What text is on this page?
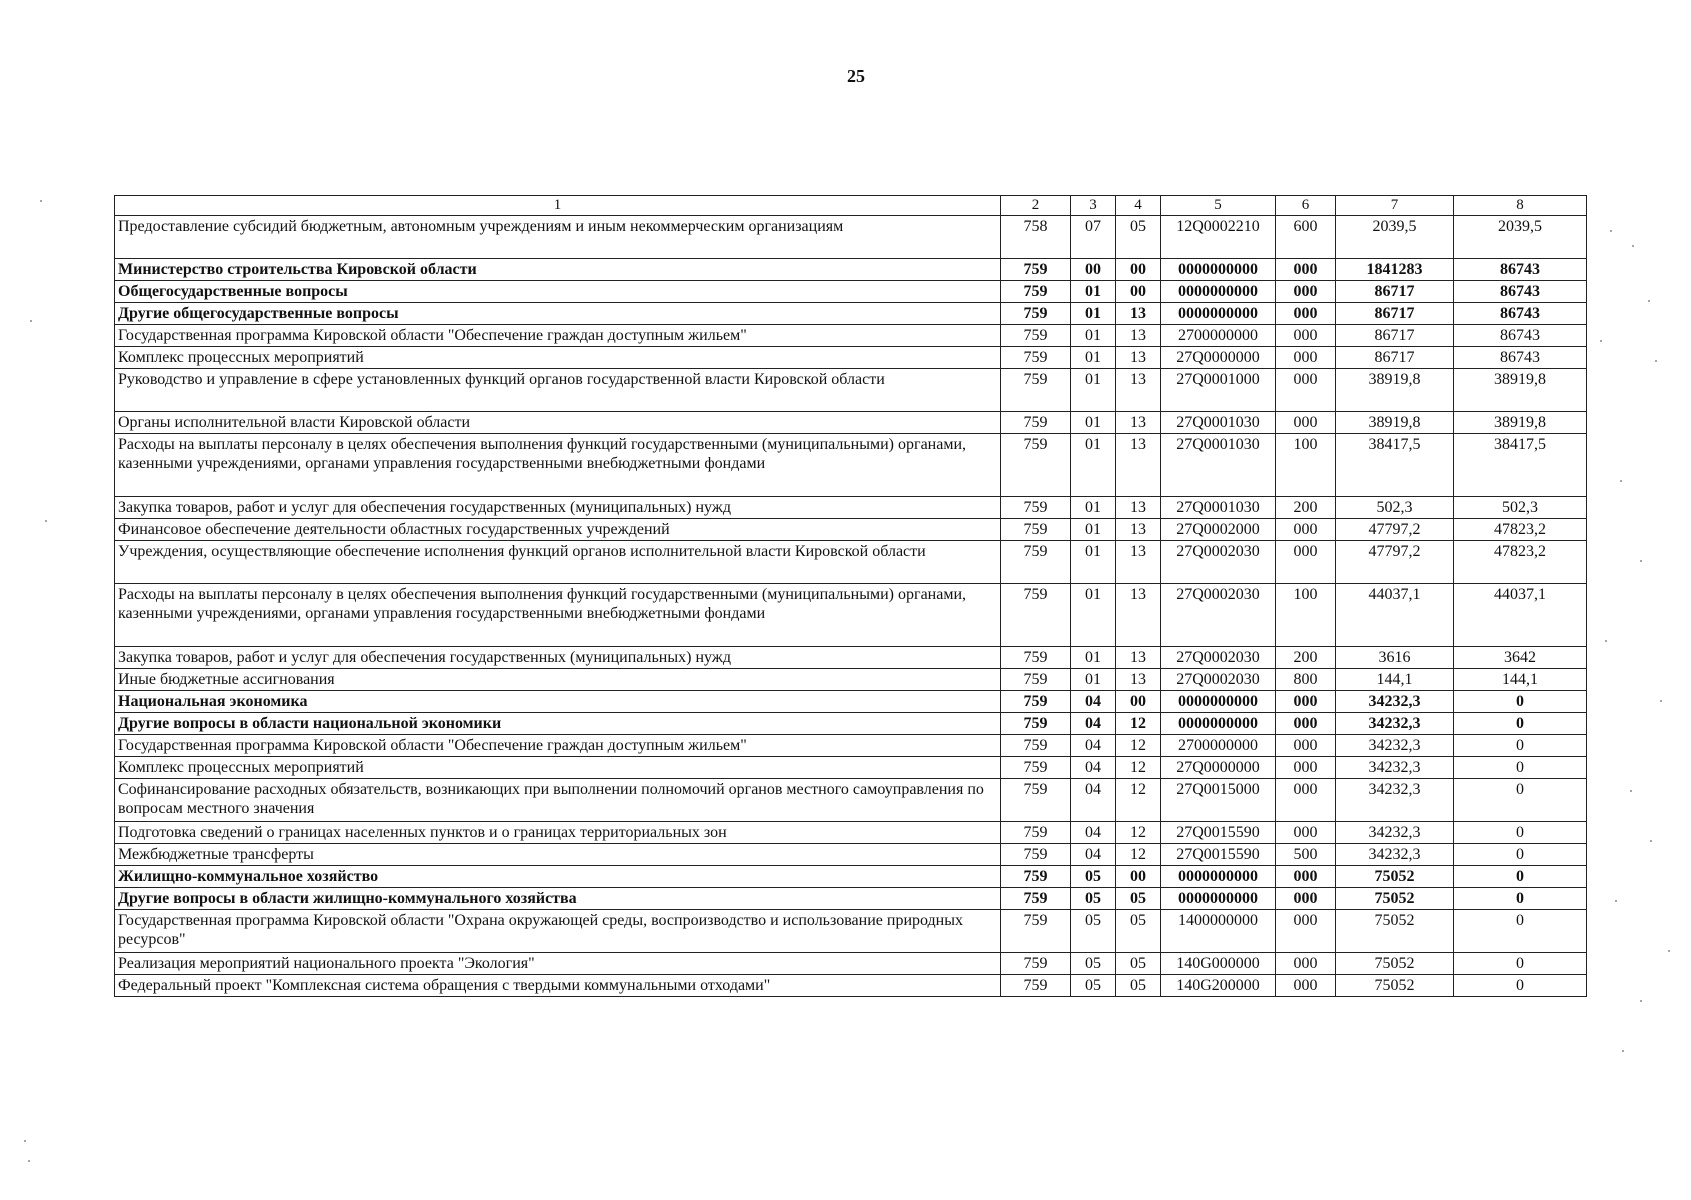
25
1	2	3	4	5	6	7	8
Предоставление субсидий бюджетным, автономным учреждениям и иным некоммерческим организациям	758	07	05	12Q0002210	600	2039,5	2039,5
Министерство строительства Кировской области	759	00	00	0000000000	000	1841283	86743
Общегосударственные вопросы	759	01	00	0000000000	000	86717	86743
Другие общегосударственные вопросы	759	01	13	0000000000	000	86717	86743
Государственная программа Кировской области "Обеспечение граждан доступным жильем"	759	01	13	2700000000	000	86717	86743
Комплекс процессных мероприятий	759	01	13	27Q0000000	000	86717	86743
Руководство и управление в сфере установленных функций органов государственной власти Кировской области	759	01	13	27Q0001000	000	38919,8	38919,8
Органы исполнительной власти Кировской области	759	01	13	27Q0001030	000	38919,8	38919,8
Расходы на выплаты персоналу в целях обеспечения выполнения функций государственными (муниципальными) органами, казенными учреждениями, органами управления государственными внебюджетными фондами	759	01	13	27Q0001030	100	38417,5	38417,5
Закупка товаров, работ и услуг для обеспечения государственных (муниципальных) нужд	759	01	13	27Q0001030	200	502,3	502,3
Финансовое обеспечение деятельности областных государственных учреждений	759	01	13	27Q0002000	000	47797,2	47823,2
Учреждения, осуществляющие обеспечение исполнения функций органов исполнительной власти Кировской области	759	01	13	27Q0002030	000	47797,2	47823,2
Расходы на выплаты персоналу в целях обеспечения выполнения функций государственными (муниципальными) органами, казенными учреждениями, органами управления государственными внебюджетными фондами	759	01	13	27Q0002030	100	44037,1	44037,1
Закупка товаров, работ и услуг для обеспечения государственных (муниципальных) нужд	759	01	13	27Q0002030	200	3616	3642
Иные бюджетные ассигнования	759	01	13	27Q0002030	800	144,1	144,1
Национальная экономика	759	04	00	0000000000	000	34232,3	0
Другие вопросы в области национальной экономики	759	04	12	0000000000	000	34232,3	0
Государственная программа Кировской области "Обеспечение граждан доступным жильем"	759	04	12	2700000000	000	34232,3	0
Комплекс процессных мероприятий	759	04	12	27Q0000000	000	34232,3	0
Софинансирование расходных обязательств, возникающих при выполнении полномочий органов местного самоуправления по вопросам местного значения	759	04	12	27Q0015000	000	34232,3	0
Подготовка сведений о границах населенных пунктов и о границах территориальных зон	759	04	12	27Q0015590	000	34232,3	0
Межбюджетные трансферты	759	04	12	27Q0015590	500	34232,3	0
Жилищно-коммунальное хозяйство	759	05	00	0000000000	000	75052	0
Другие вопросы в области жилищно-коммунального хозяйства	759	05	05	0000000000	000	75052	0
Государственная программа Кировской области "Охрана окружающей среды, воспроизводство и использование природных ресурсов"	759	05	05	1400000000	000	75052	0
Реализация мероприятий национального проекта "Экология"	759	05	05	140G000000	000	75052	0
Федеральный проект "Комплексная система обращения с твердыми коммунальными отходами"	759	05	05	140G200000	000	75052	0
